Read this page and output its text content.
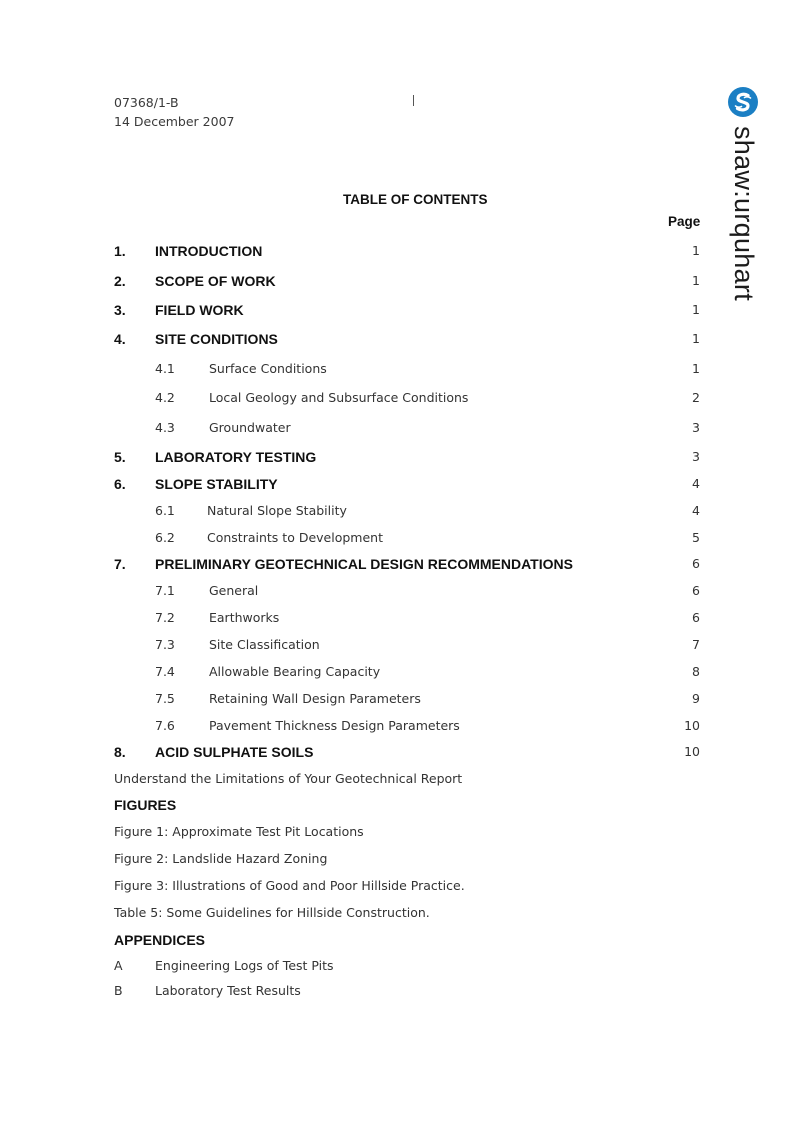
07368/1-B
14 December 2007
shaw:urquhart
TABLE OF CONTENTS
Page
1. INTRODUCTION	1
2. SCOPE OF WORK	1
3. FIELD WORK	1
4. SITE CONDITIONS	1
4.1	Surface Conditions	1
4.2	Local Geology and Subsurface Conditions	2
4.3	Groundwater	3
5. LABORATORY TESTING	3
6. SLOPE STABILITY	4
6.1	Natural Slope Stability	4
6.2	Constraints to Development	5
7. PRELIMINARY GEOTECHNICAL DESIGN RECOMMENDATIONS	6
7.1	General	6
7.2	Earthworks	6
7.3	Site Classification	7
7.4	Allowable Bearing Capacity	8
7.5	Retaining Wall Design Parameters	9
7.6	Pavement Thickness Design Parameters	10
8. ACID SULPHATE SOILS	10
Understand the Limitations of Your Geotechnical Report
FIGURES
Figure 1: Approximate Test Pit Locations
Figure 2: Landslide Hazard Zoning
Figure 3: Illustrations of Good and Poor Hillside Practice.
Table 5: Some Guidelines for Hillside Construction.
APPENDICES
A	Engineering Logs of Test Pits
B	Laboratory Test Results
